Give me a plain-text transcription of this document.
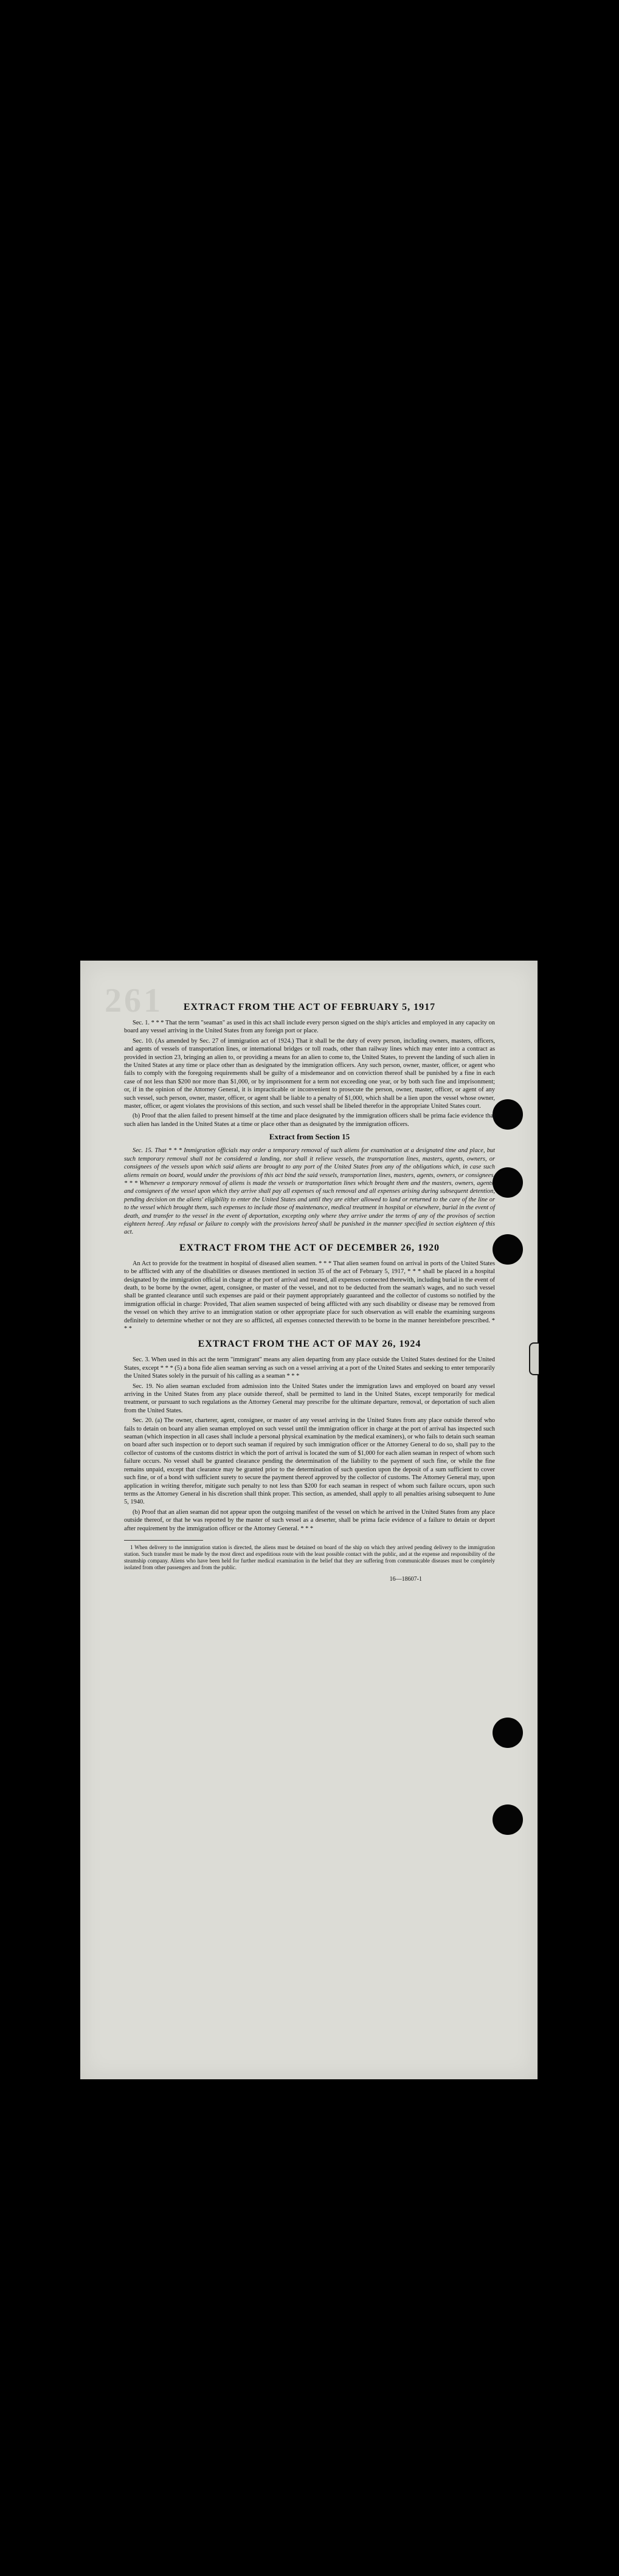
261	EXTRACT FROM THE ACT OF FEBRUARY 5, 1917

Sec. 1. * * * That the term "seaman" as used in this act shall include every person signed on the ship's articles and employed in any capacity on board any vessel arriving in the United States from any foreign port or place.

Sec. 10. (As amended by Sec. 27 of immigration act of 1924.) That it shall be the duty of every person, including owners, masters, officers, and agents of vessels of transportation lines, or international bridges or toll roads, other than railway lines which may enter into a contract as provided in section 23, bringing an alien to, or providing a means for an alien to come to, the United States, to prevent the landing of such alien in the United States at any time or place other than as designated by the immigration officers. Any such person, owner, master, officer, or agent who fails to comply with the foregoing requirements shall be guilty of a misdemeanor and on conviction thereof shall be punished by a fine in each case of not less than $200 nor more than $1,000, or by imprisonment for a term not exceeding one year, or by both such fine and imprisonment; or, if in the opinion of the Attorney General, it is impracticable or inconvenient to prosecute the person, owner, master, officer, or agent of any such vessel, such person, owner, master, officer, or agent shall be liable to a penalty of $1,000, which shall be a lien upon the vessel whose owner, master, officer, or agent violates the provisions of this section, and such vessel shall be libeled therefor in the appropriate United States court.

(b) Proof that the alien failed to present himself at the time and place designated by the immigration officers shall be prima facie evidence that such alien has landed in the United States at a time or place other than as designated by the immigration officers.

Extract from Section 15

Sec. 15. That * * * Immigration officials may order a temporary removal of such aliens for examination at a designated time and place, but such temporary removal shall not be considered a landing, nor shall it relieve vessels, the transportation lines, masters, agents, owners, or consignees of the vessels upon which said aliens are brought to any port of the United States from any of the obligations which, in case such aliens remain on board, would under the provisions of this act bind the said vessels, transportation lines, masters, agents, owners, or consignees. * * * Whenever a temporary removal of aliens is made the vessels or transportation lines which brought them and the masters, owners, agents, and consignees of the vessel upon which they arrive shall pay all expenses of such removal and all expenses arising during subsequent detention, pending decision on the aliens' eligibility to enter the United States and until they are either allowed to land or returned to the care of the line or to the vessel which brought them, such expenses to include those of maintenance, medical treatment in hospital or elsewhere, burial in the event of death, and transfer to the vessel in the event of deportation, excepting only where they arrive under the terms of any of the provisos of section eighteen hereof. Any refusal or failure to comply with the provisions hereof shall be punished in the manner specified in section eighteen of this act.

EXTRACT FROM THE ACT OF DECEMBER 26, 1920

An Act to provide for the treatment in hospital of diseased alien seamen. * * * That alien seamen found on arrival in ports of the United States to be afflicted with any of the disabilities or diseases mentioned in section 35 of the act of February 5, 1917, * * * shall be placed in a hospital designated by the immigration official in charge at the port of arrival and treated, all expenses connected therewith, including burial in the event of death, to be borne by the owner, agent, consignee, or master of the vessel, and not to be deducted from the seaman's wages, and no such vessel shall be granted clearance until such expenses are paid or their payment appropriately guaranteed and the collector of customs so notified by the immigration official in charge: Provided, That alien seamen suspected of being afflicted with any such disability or disease may be removed from the vessel on which they arrive to an immigration station or other appropriate place for such observation as will enable the examining surgeons definitely to determine whether or not they are so afflicted, all expenses connected therewith to be borne in the manner hereinbefore prescribed. * * *

EXTRACT FROM THE ACT OF MAY 26, 1924

Sec. 3. When used in this act the term "immigrant" means any alien departing from any place outside the United States destined for the United States, except * * * (5) a bona fide alien seaman serving as such on a vessel arriving at a port of the United States and seeking to enter temporarily the United States solely in the pursuit of his calling as a seaman * * *

Sec. 19. No alien seaman excluded from admission into the United States under the immigration laws and employed on board any vessel arriving in the United States from any place outside thereof, shall be permitted to land in the United States, except temporarily for medical treatment, or pursuant to such regulations as the Attorney General may prescribe for the ultimate departure, removal, or deportation of such alien from the United States.

Sec. 20. (a) The owner, charterer, agent, consignee, or master of any vessel arriving in the United States from any place outside thereof who fails to detain on board any alien seaman employed on such vessel until the immigration officer in charge at the port of arrival has inspected such seaman (which inspection in all cases shall include a personal physical examination by the medical examiners), or who fails to detain such seaman on board after such inspection or to deport such seaman if required by such immigration officer or the Attorney General to do so, shall pay to the collector of customs of the customs district in which the port of arrival is located the sum of $1,000 for each alien seaman in respect of whom such failure occurs. No vessel shall be granted clearance pending the determination of the liability to the payment of such fine, or while the fine remains unpaid, except that clearance may be granted prior to the determination of such question upon the deposit of a sum sufficient to cover such fine, or of a bond with sufficient surety to secure the payment thereof approved by the collector of customs. The Attorney General may, upon application in writing therefor, mitigate such penalty to not less than $200 for each seaman in respect of whom such failure occurs, upon such terms as the Attorney General in his discretion shall think proper. This section, as amended, shall apply to all penalties arising subsequent to June 5, 1940.

(b) Proof that an alien seaman did not appear upon the outgoing manifest of the vessel on which he arrived in the United States from any place outside thereof, or that he was reported by the master of such vessel as a deserter, shall be prima facie evidence of a failure to detain or deport after requirement by the immigration officer or the Attorney General. * * *

1 When delivery to the immigration station is directed, the aliens must be detained on board of the ship on which they arrived pending delivery to the immigration station. Such transfer must be made by the most direct and expeditious route with the least possible contact with the public, and at the expense and responsibility of the steamship company. Aliens who have been held for further medical examination in the belief that they are suffering from communicable diseases must be completely isolated from other passengers and from the public.

16—18607-1
